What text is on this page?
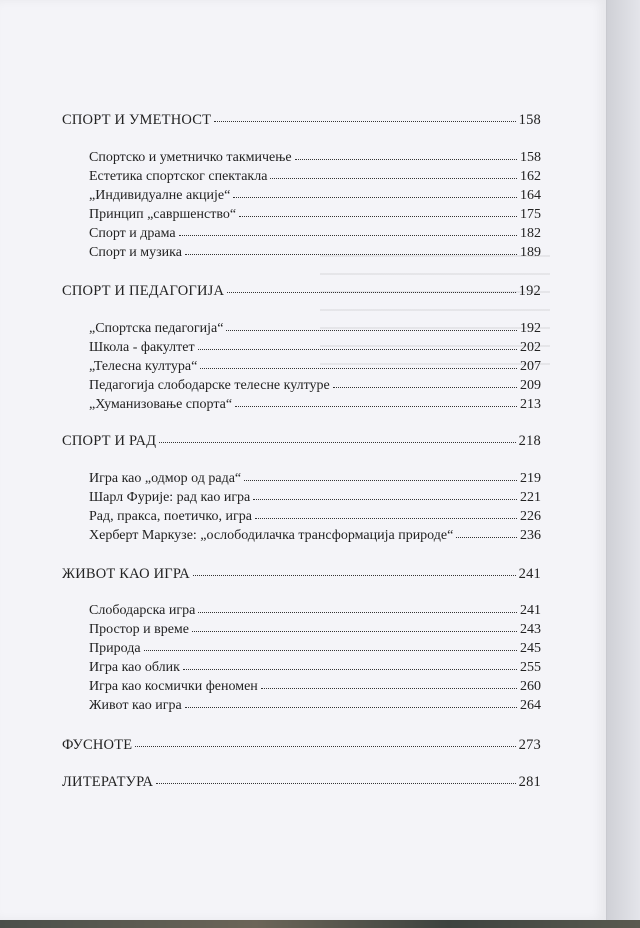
СПОРТ И УМЕТНОСТ	158
Спортско и уметничко такмичење	158
Естетика спортског спектакла	162
„Индивидуалне акције“	164
Принцип „савршенство“	175
Спорт и драма	182
Спорт и музика	189
СПОРТ И ПЕДАГОГИЈА	192
„Спортска педагогија“	192
Школа - факултет	202
„Телесна култура“	207
Педагогија слободарске телесне културе	209
„Хуманизовање спорта“	213
СПОРТ И РАД	218
Игра као „одмор од рада“	219
Шарл Фурије: рад као игра	221
Рад, пракса, поетичко, игра	226
Херберт Маркузе: „ослободилачка трансформација природе“	236
ЖИВОТ КАО ИГРА	241
Слободарска игра	241
Простор и време	243
Природа	245
Игра као облик	255
Игра као космички феномен	260
Живот као игра	264
ФУСНОТЕ	273
ЛИТЕРАТУРА	281
